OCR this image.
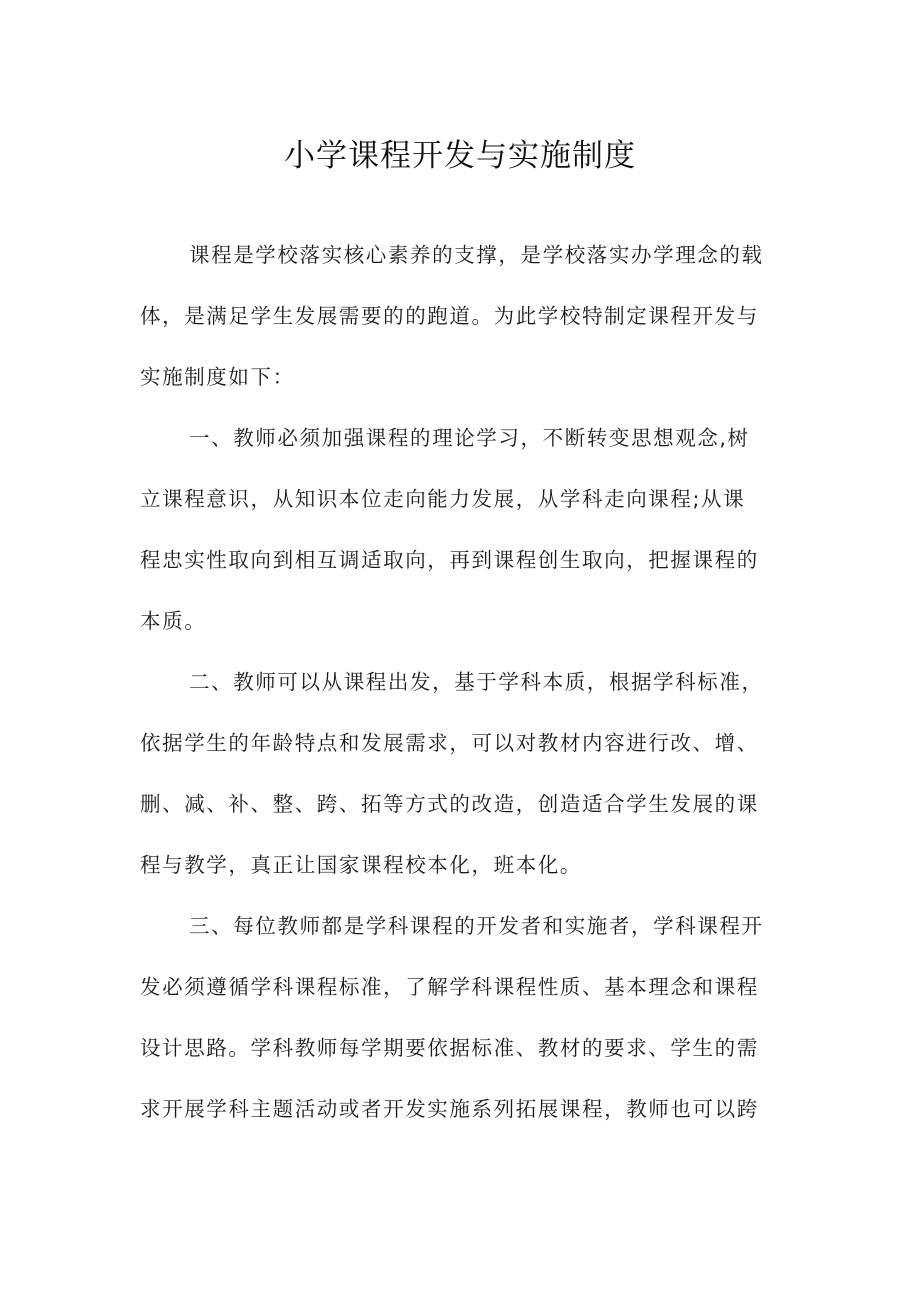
小学课程开发与实施制度
课程是学校落实核心素养的支撑，是学校落实办学理念的载
体，是满足学生发展需要的的跑道。为此学校特制定课程开发与
实施制度如下：
一、教师必须加强课程的理论学习，不断转变思想观念,树
立课程意识，从知识本位走向能力发展，从学科走向课程;从课
程忠实性取向到相互调适取向，再到课程创生取向，把握课程的
本质。
二、教师可以从课程出发，基于学科本质，根据学科标准，
依据学生的年龄特点和发展需求，可以对教材内容进行改、增、
删、减、补、整、跨、拓等方式的改造，创造适合学生发展的课
程与教学，真正让国家课程校本化，班本化。
三、每位教师都是学科课程的开发者和实施者，学科课程开
发必须遵循学科课程标准，了解学科课程性质、基本理念和课程
设计思路。学科教师每学期要依据标准、教材的要求、学生的需
求开展学科主题活动或者开发实施系列拓展课程，教师也可以跨
